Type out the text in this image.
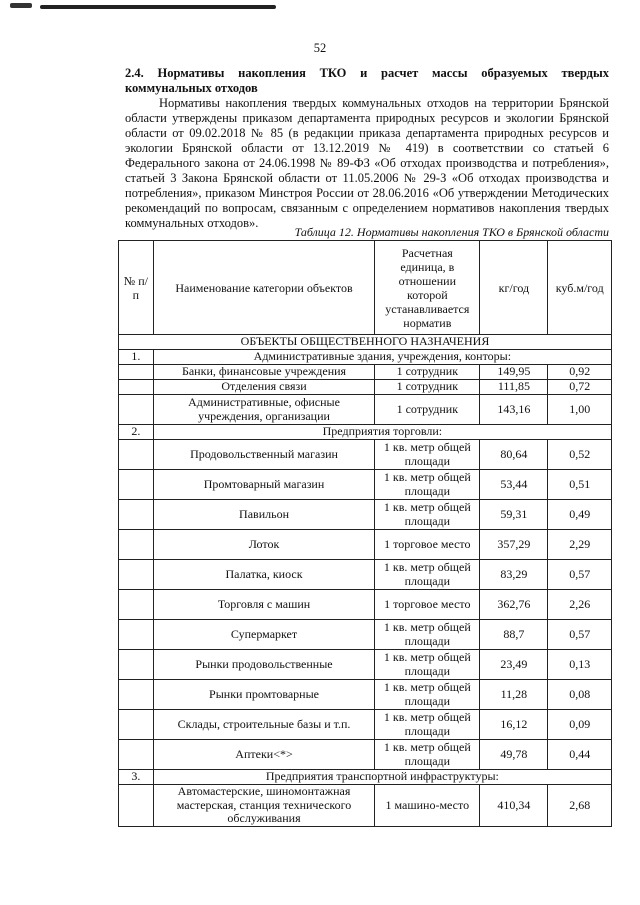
52
2.4. Нормативы накопления ТКО и расчет массы образуемых твердых коммунальных отходов

Нормативы накопления твердых коммунальных отходов на территории Брянской области утверждены приказом департамента природных ресурсов и экологии Брянской области от 09.02.2018 № 85 (в редакции приказа департамента природных ресурсов и экологии Брянской области от 13.12.2019 № 419) в соответствии со статьей 6 Федерального закона от 24.06.1998 № 89-ФЗ «Об отходах производства и потребления», статьей 3 Закона Брянской области от 11.05.2006 № 29-З «Об отходах производства и потребления», приказом Минстроя России от 28.06.2016 «Об утверждении Методических рекомендаций по вопросам, связанным с определением нормативов накопления твердых коммунальных отходов».

Таблица 12. Нормативы накопления ТКО в Брянской области
№ п/п	Наименование категории объектов	Расчетная единица, в отношении которой устанавливается норматив	кг/год	куб.м/год
ОБЪЕКТЫ ОБЩЕСТВЕННОГО НАЗНАЧЕНИЯ				
1.	Административные здания, учреждения, конторы:			
	Банки, финансовые учреждения	1 сотрудник	149,95	0,92
	Отделения связи	1 сотрудник	111,85	0,72
	Административные, офисные учреждения, организации	1 сотрудник	143,16	1,00
2.	Предприятия торговли:			
	Продовольственный магазин	1 кв. метр общей площади	80,64	0,52
	Промтоварный магазин	1 кв. метр общей площади	53,44	0,51
	Павильон	1 кв. метр общей площади	59,31	0,49
	Лоток	1 торговое место	357,29	2,29
	Палатка, киоск	1 кв. метр общей площади	83,29	0,57
	Торговля с машин	1 торговое место	362,76	2,26
	Супермаркет	1 кв. метр общей площади	88,7	0,57
	Рынки продовольственные	1 кв. метр общей площади	23,49	0,13
	Рынки промтоварные	1 кв. метр общей площади	11,28	0,08
	Склады, строительные базы и т.п.	1 кв. метр общей площади	16,12	0,09
	Аптеки<*>	1 кв. метр общей площади	49,78	0,44
3.	Предприятия транспортной инфраструктуры:			
	Автомастерские, шиномонтажная мастерская, станция технического обслуживания	1 машино-место	410,34	2,68
